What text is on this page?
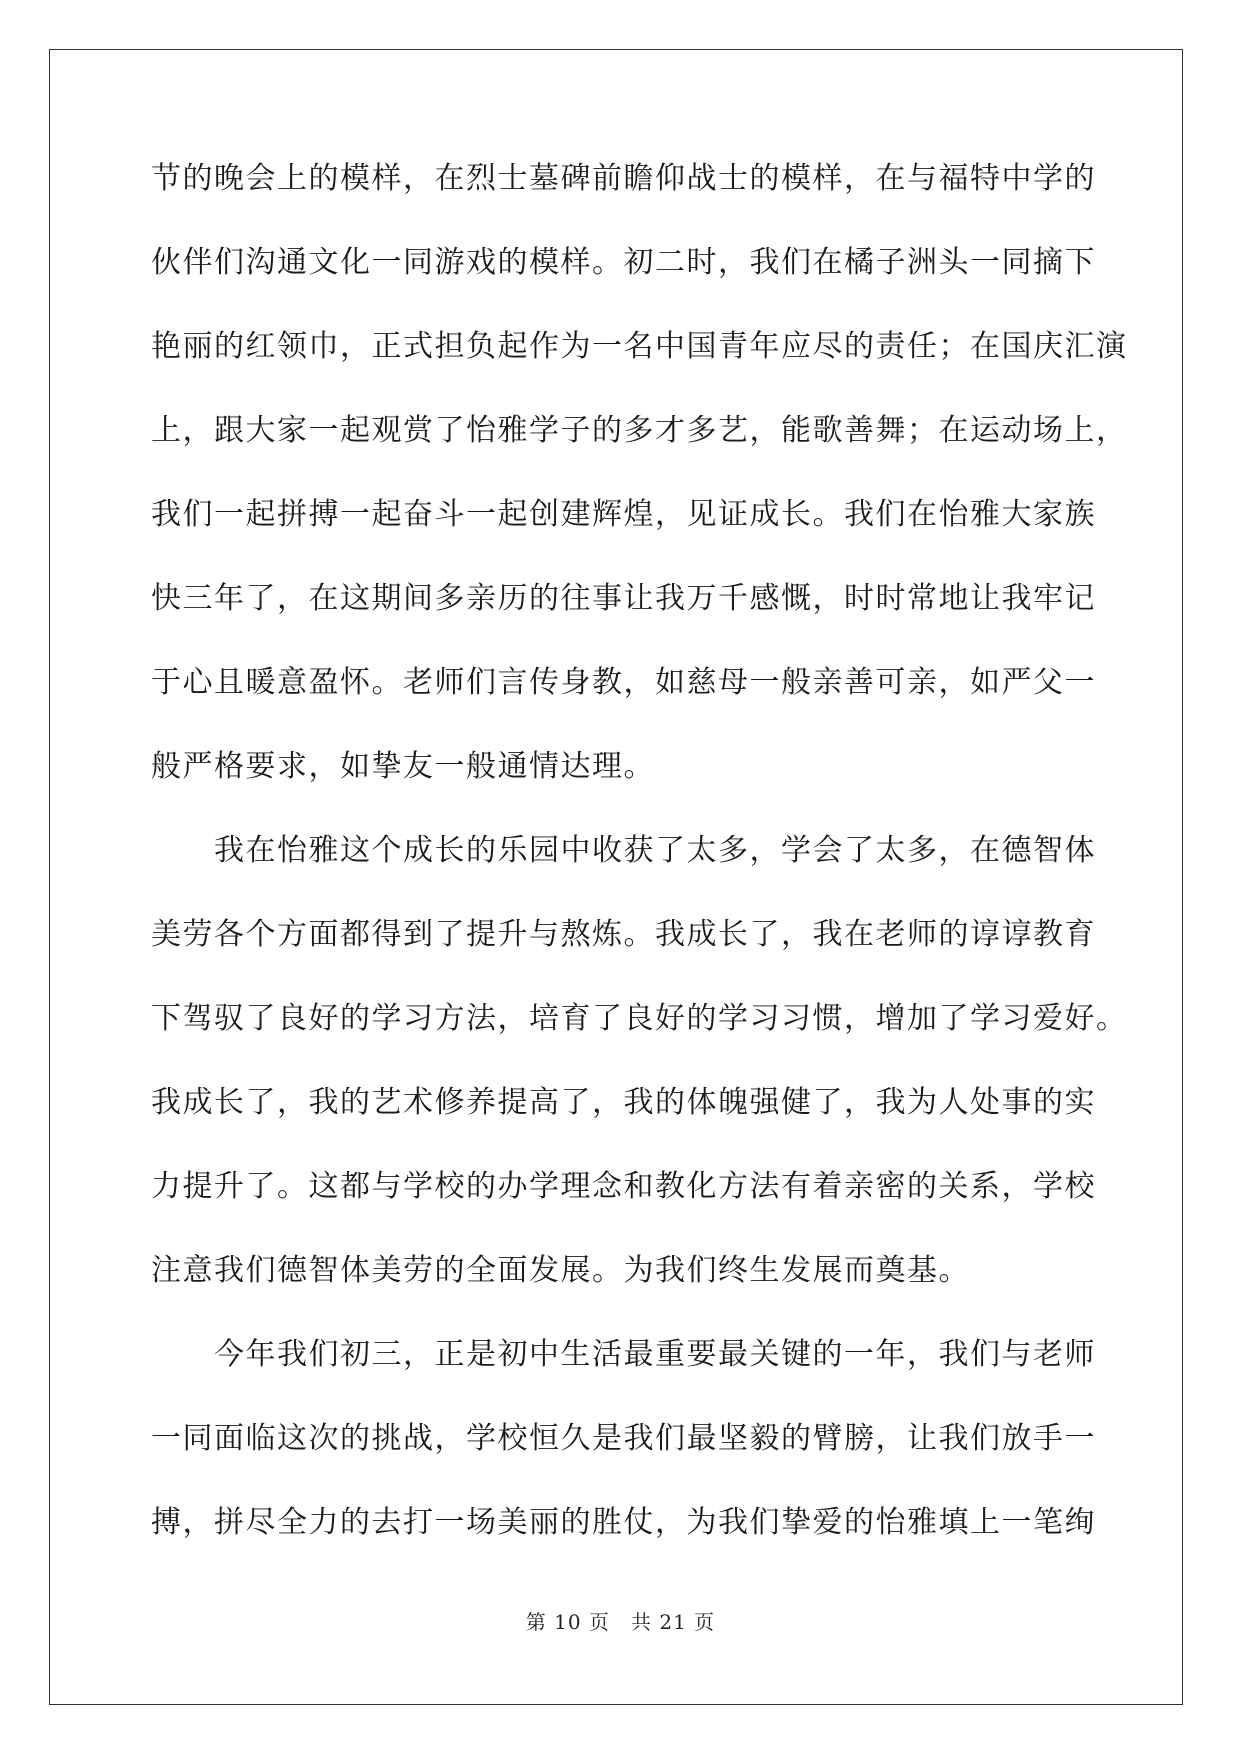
节的晚会上的模样，在烈士墓碑前瞻仰战士的模样，在与福特中学的
伙伴们沟通文化一同游戏的模样。初二时，我们在橘子洲头一同摘下
艳丽的红领巾，正式担负起作为一名中国青年应尽的责任；在国庆汇演
上，跟大家一起观赏了怡雅学子的多才多艺，能歌善舞；在运动场上，
我们一起拼搏一起奋斗一起创建辉煌，见证成长。我们在怡雅大家族
快三年了，在这期间多亲历的往事让我万千感慨，时时常地让我牢记
于心且暖意盈怀。老师们言传身教，如慈母一般亲善可亲，如严父一
般严格要求，如挚友一般通情达理。
　　我在怡雅这个成长的乐园中收获了太多，学会了太多，在德智体
美劳各个方面都得到了提升与熬炼。我成长了，我在老师的谆谆教育
下驾驭了良好的学习方法，培育了良好的学习习惯，增加了学习爱好。
我成长了，我的艺术修养提高了，我的体魄强健了，我为人处事的实
力提升了。这都与学校的办学理念和教化方法有着亲密的关系，学校
注意我们德智体美劳的全面发展。为我们终生发展而奠基。
　　今年我们初三，正是初中生活最重要最关键的一年，我们与老师
一同面临这次的挑战，学校恒久是我们最坚毅的臂膀，让我们放手一
搏，拼尽全力的去打一场美丽的胜仗，为我们挚爱的怡雅填上一笔绚
第 10 页　共 21 页
